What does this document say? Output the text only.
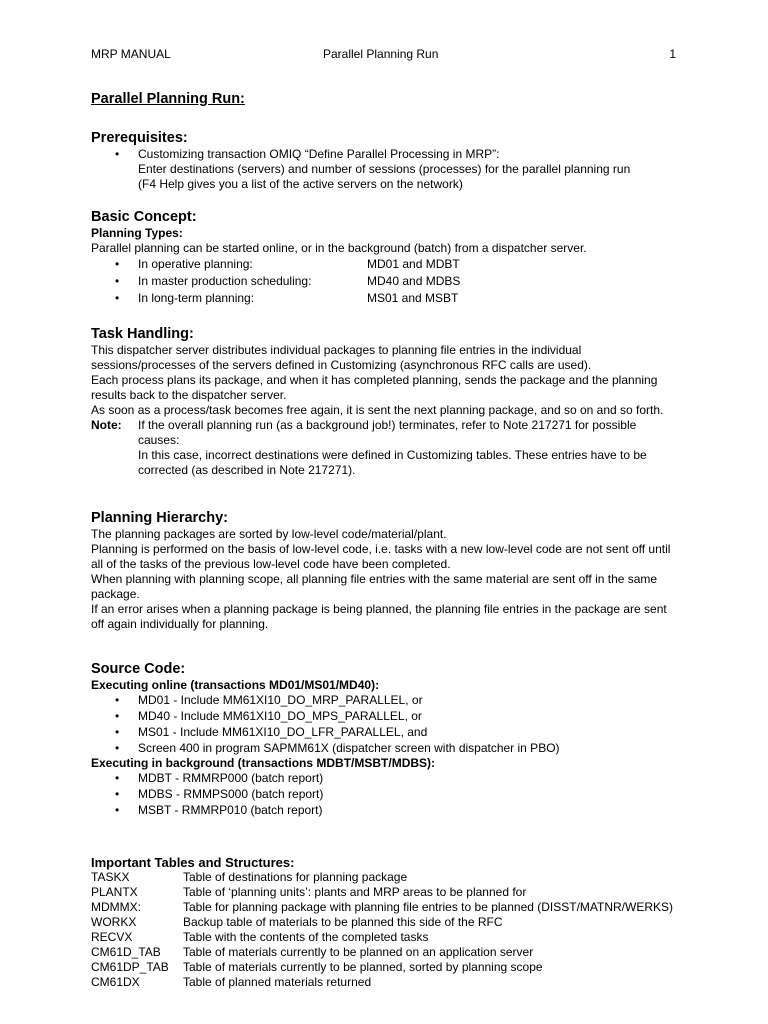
MRP MANUAL	Parallel Planning Run	1
Parallel Planning Run:
Prerequisites:
• Customizing transaction OMIQ “Define Parallel Processing in MRP”:
Enter destinations (servers) and number of sessions (processes) for the parallel planning run
(F4 Help gives you a list of the active servers on the network)
Basic Concept:
Planning Types:

Parallel planning can be started online, or in the background (batch) from a dispatcher server.

• In operative planning:	MD01 and MDBT
• In master production scheduling:	MD40 and MDBS
• In long-term planning:	MS01 and MSBT
Task Handling:

This dispatcher server distributes individual packages to planning file entries in the individual sessions/processes of the servers defined in Customizing (asynchronous RFC calls are used).

Each process plans its package, and when it has completed planning, sends the package and the planning results back to the dispatcher server.

As soon as a process/task becomes free again, it is sent the next planning package, and so on and so forth.

Note: If the overall planning run (as a background job!) terminates, refer to Note 217271 for possible causes:

In this case, incorrect destinations were defined in Customizing tables. These entries have to be corrected (as described in Note 217271).

Planning Hierarchy:

The planning packages are sorted by low-level code/material/plant.

Planning is performed on the basis of low-level code, i.e. tasks with a new low-level code are not sent off until all of the tasks of the previous low-level code have been completed.

When planning with planning scope, all planning file entries with the same material are sent off in the same package.

If an error arises when a planning package is being planned, the planning file entries in the package are sent off again individually for planning.

Source Code:
Executing online (transactions MD01/MS01/MD40):
• MD01 - Include MM61XI10_DO_MRP_PARALLEL, or
• MD40 - Include MM61XI10_DO_MPS_PARALLEL, or
• MS01 - Include MM61XI10_DO_LFR_PARALLEL, and
• Screen 400 in program SAPMM61X (dispatcher screen with dispatcher in PBO)
Executing in background (transactions MDBT/MSBT/MDBS):
• MDBT - RMMRP000 (batch report)
• MDBS - RMMPS000 (batch report)
• MSBT - RMMRP010 (batch report)
Important Tables and Structures:
TASKX	Table of destinations for planning package
PLANTX	Table of ‘planning units’: plants and MRP areas to be planned for
MDMMX:	Table for planning package with planning file entries to be planned (DISST/MATNR/WERKS)
WORKX	Backup table of materials to be planned this side of the RFC
RECVX	Table with the contents of the completed tasks
CM61D_TAB Table of materials currently to be planned on an application server
CM61DP_TAB Table of materials currently to be planned, sorted by planning scope
CM61DX	Table of planned materials returned
